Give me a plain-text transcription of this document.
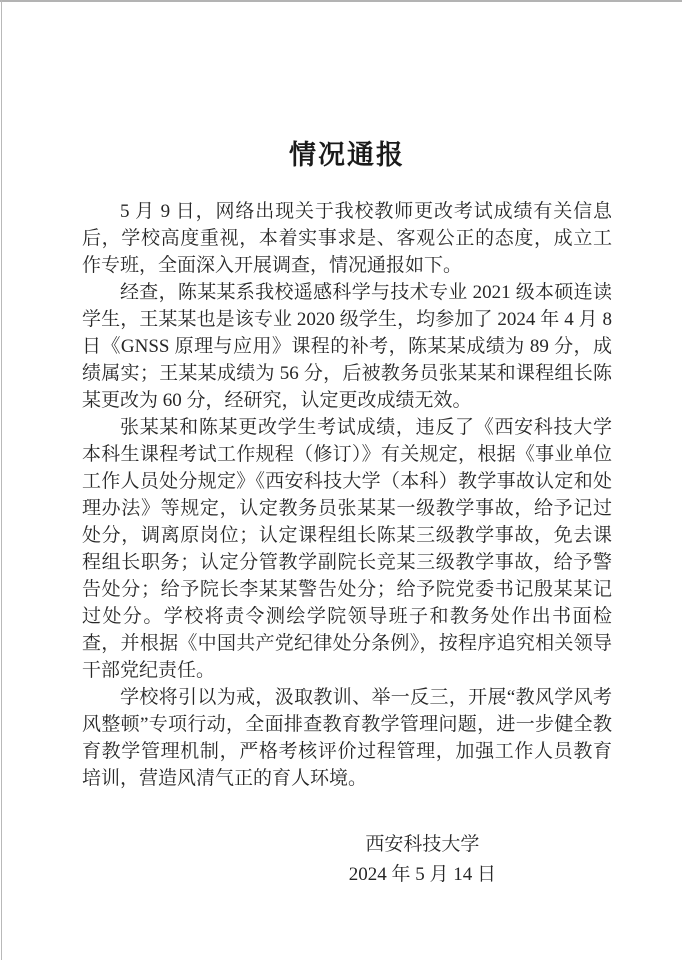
情况通报

5 月 9 日，网络出现关于我校教师更改考试成绩有关信息后，学校高度重视，本着实事求是、客观公正的态度，成立工作专班，全面深入开展调查，情况通报如下。

经查，陈某某系我校遥感科学与技术专业 2021 级本硕连读学生，王某某也是该专业 2020 级学生，均参加了 2024 年 4 月 8 日《GNSS 原理与应用》课程的补考，陈某某成绩为 89 分，成绩属实；王某某成绩为 56 分，后被教务员张某某和课程组长陈某更改为 60 分，经研究，认定更改成绩无效。

张某某和陈某更改学生考试成绩，违反了《西安科技大学本科生课程考试工作规程（修订）》有关规定，根据《事业单位工作人员处分规定》《西安科技大学（本科）教学事故认定和处理办法》等规定，认定教务员张某某一级教学事故，给予记过处分，调离原岗位；认定课程组长陈某三级教学事故，免去课程组长职务；认定分管教学副院长竞某三级教学事故，给予警告处分；给予院长李某某警告处分；给予院党委书记殷某某记过处分。学校将责令测绘学院领导班子和教务处作出书面检查，并根据《中国共产党纪律处分条例》，按程序追究相关领导干部党纪责任。

学校将引以为戒，汲取教训、举一反三，开展“教风学风考风整顿”专项行动，全面排查教育教学管理问题，进一步健全教育教学管理机制，严格考核评价过程管理，加强工作人员教育培训，营造风清气正的育人环境。

西安科技大学
2024 年 5 月 14 日
